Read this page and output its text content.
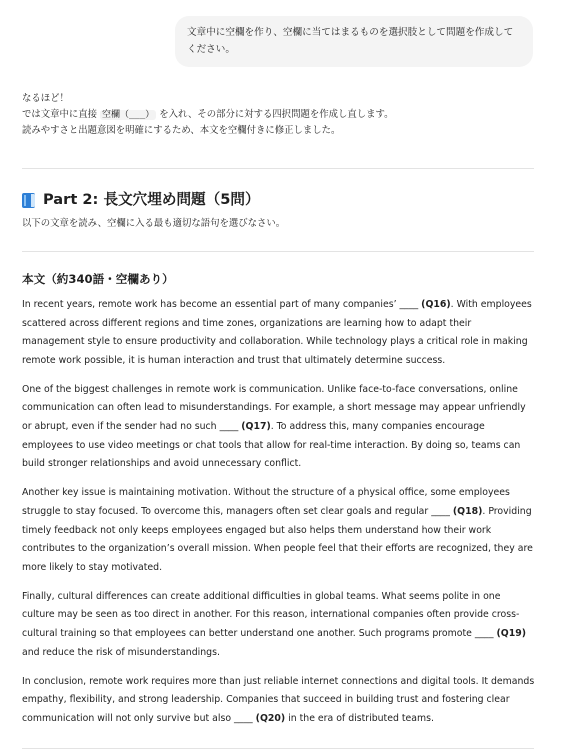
文章中に空欄を作り、空欄に当てはまるものを選択肢として問題を作成してください。
なるほど！
では文章中に直接 空欄（___） を入れ、その部分に対する四択問題を作成し直します。
読みやすさと出題意図を明確にするため、本文を空欄付きに修正しました。
Part 2: 長文穴埋め問題（5問）
以下の文章を読み、空欄に入る最も適切な語句を選びなさい。
本文（約340語・空欄あり）

In recent years, remote work has become an essential part of many companies’ ____ (Q16). With employees scattered across different regions and time zones, organizations are learning how to adapt their management style to ensure productivity and collaboration. While technology plays a critical role in making remote work possible, it is human interaction and trust that ultimately determine success.

One of the biggest challenges in remote work is communication. Unlike face-to-face conversations, online communication can often lead to misunderstandings. For example, a short message may appear unfriendly or abrupt, even if the sender had no such ____ (Q17). To address this, many companies encourage employees to use video meetings or chat tools that allow for real-time interaction. By doing so, teams can build stronger relationships and avoid unnecessary conflict.

Another key issue is maintaining motivation. Without the structure of a physical office, some employees struggle to stay focused. To overcome this, managers often set clear goals and regular ____ (Q18). Providing timely feedback not only keeps employees engaged but also helps them understand how their work contributes to the organization’s overall mission. When people feel that their efforts are recognized, they are more likely to stay motivated.

Finally, cultural differences can create additional difficulties in global teams. What seems polite in one culture may be seen as too direct in another. For this reason, international companies often provide cross-cultural training so that employees can better understand one another. Such programs promote ____ (Q19) and reduce the risk of misunderstandings.

In conclusion, remote work requires more than just reliable internet connections and digital tools. It demands empathy, flexibility, and strong leadership. Companies that succeed in building trust and fostering clear communication will not only survive but also ____ (Q20) in the era of distributed teams.
